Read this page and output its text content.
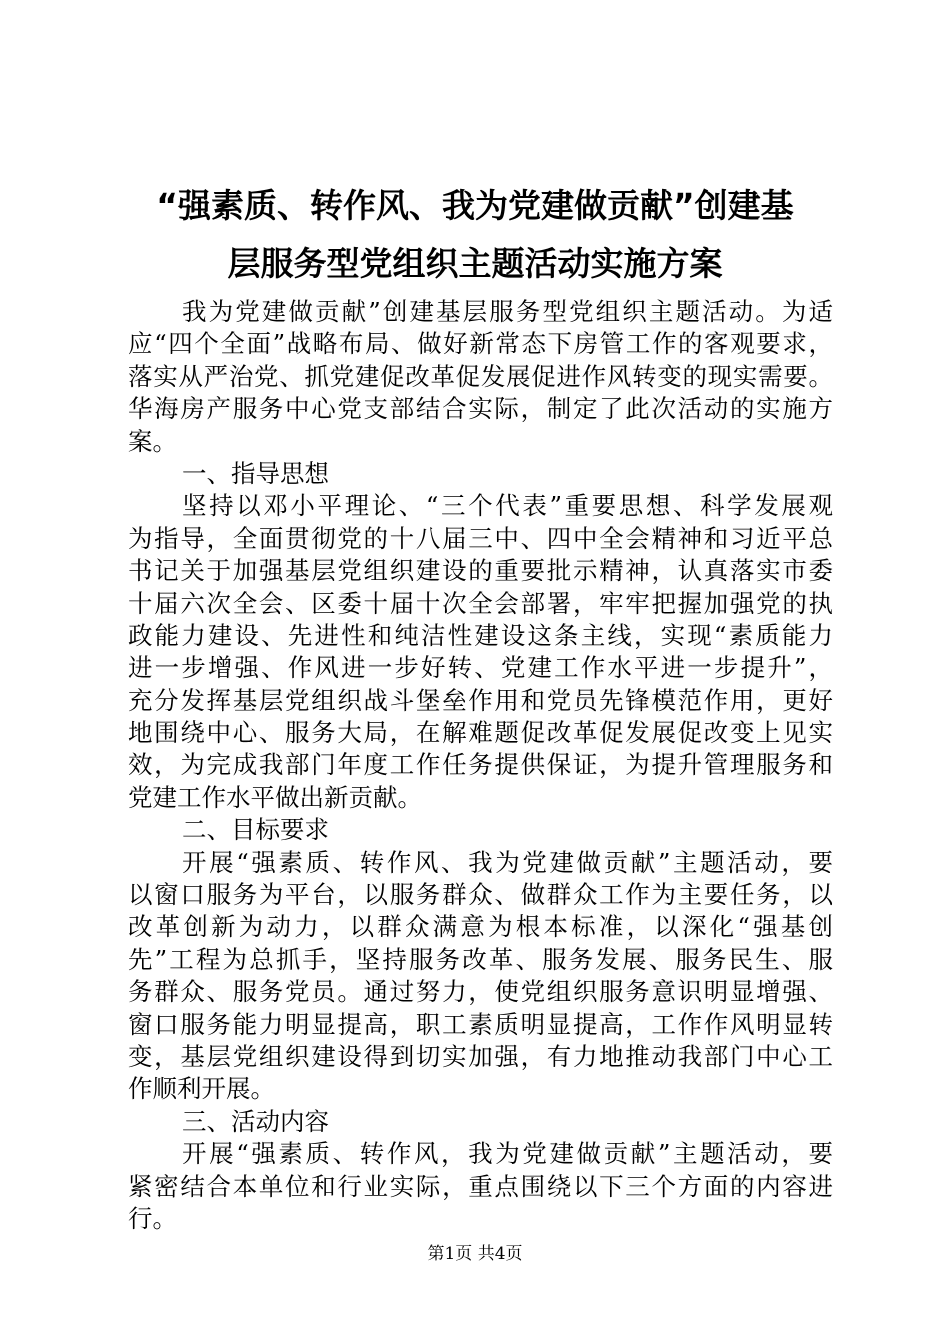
“强素质、转作风、我为党建做贡献”创建基
层服务型党组织主题活动实施方案
我为党建做贡献”创建基层服务型党组织主题活动。为适
应“四个全面”战略布局、做好新常态下房管工作的客观要求，
落实从严治党、抓党建促改革促发展促进作风转变的现实需要。
华海房产服务中心党支部结合实际，制定了此次活动的实施方
案。
一、指导思想
坚持以邓小平理论、“三个代表”重要思想、科学发展观
为指导，全面贯彻党的十八届三中、四中全会精神和习近平总
书记关于加强基层党组织建设的重要批示精神，认真落实市委
十届六次全会、区委十届十次全会部署，牢牢把握加强党的执
政能力建设、先进性和纯洁性建设这条主线，实现“素质能力
进一步增强、作风进一步好转、党建工作水平进一步提升”，
充分发挥基层党组织战斗堡垒作用和党员先锋模范作用，更好
地围绕中心、服务大局，在解难题促改革促发展促改变上见实
效，为完成我部门年度工作任务提供保证，为提升管理服务和
党建工作水平做出新贡献。
二、目标要求
开展“强素质、转作风、我为党建做贡献”主题活动，要
以窗口服务为平台，以服务群众、做群众工作为主要任务，以
改革创新为动力，以群众满意为根本标准，以深化“强基创
先”工程为总抓手，坚持服务改革、服务发展、服务民生、服
务群众、服务党员。通过努力，使党组织服务意识明显增强、
窗口服务能力明显提高，职工素质明显提高，工作作风明显转
变，基层党组织建设得到切实加强，有力地推动我部门中心工
作顺利开展。
三、活动内容
开展“强素质、转作风，我为党建做贡献”主题活动，要
紧密结合本单位和行业实际，重点围绕以下三个方面的内容进
行。
第1页 共4页
